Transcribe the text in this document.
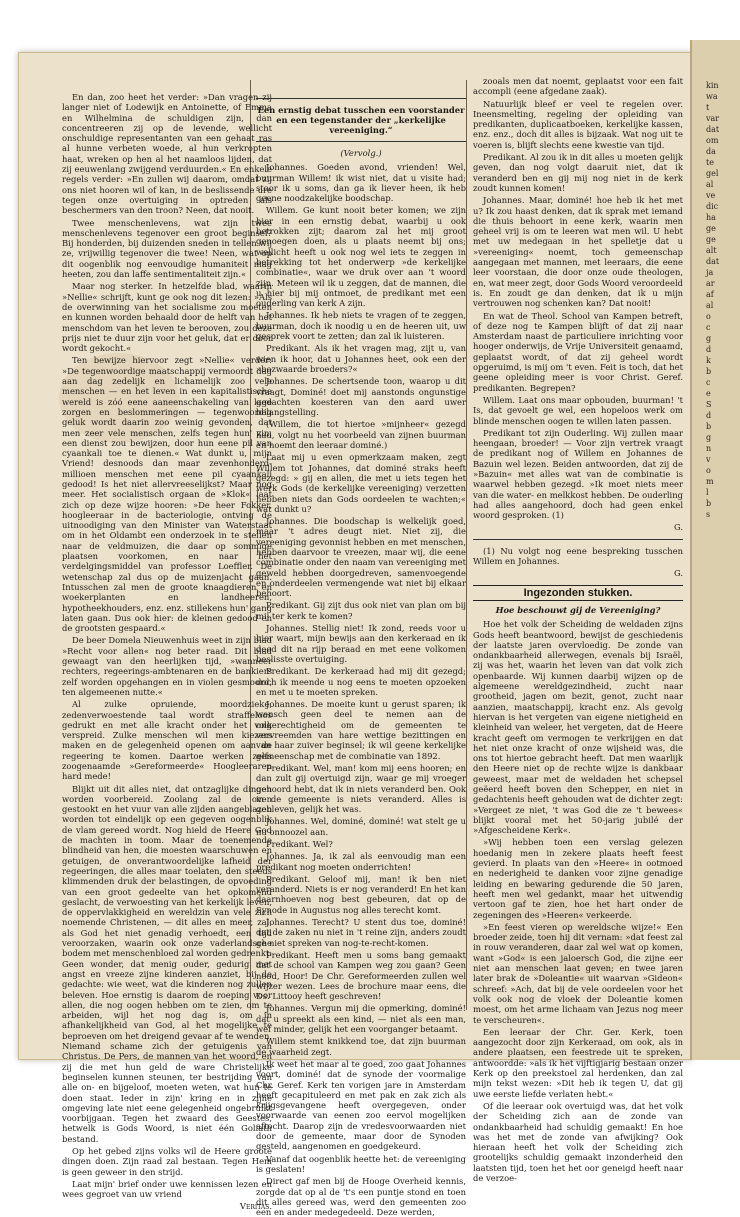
kin
wa
t
var
dat
om
da
te
gel
al
ve
dic
ha
ge
ge
alt
dat
ja
ar
af
al
o
c
g
d
k
b
c
e
S
d
b
g
n
v
o
m
l
b
s

En dan, zoo heet het verder: »Dan vragen zij langer niet of Lodewijk en Antoinette, of Emma en Wilhelmina de schuldigen zijn, dan concentreeren zij op de levende, wellicht onschuldige representanten van een gehaat ras al hunne verbeten woede, al hun verkropten haat, wreken op hen al het naamloos lijden, dat zij eeuwenlang zwijgend verduurden.« En enkele regels verder: »En zullen wij daarom, omdat zij ons niet hooren wil of kan, in de beslissende ure tegen onze overtuiging in optreden als beschermers van den troon? Neen, dat nooit.

Twee menschenlevens, wat zijn twee menschenlevens tegenover een groot beginsel? Bij honderden, bij duizenden sneden in tellen wij ze, vrijwillig tegenover die twee! Neen, wat op dit oogenblik nog eenvoudige humaniteit mag heeten, zou dan laffe sentimentaliteit zijn.«

Maar nog sterker. In hetzelfde blad, waarin »Nellie« schrijft, kunt ge ook nog dit lezen: »Als de overwinning van het socialisme zou moeten en kunnen worden behaald door de helft van het menschdom van het leven te berooven, zou deze prijs niet te duur zijn voor het geluk, dat er door wordt gekocht.«

Ten bewijze hiervoor zegt »Nellie« verder: »De tegenwoordige maatschappij vermoordt dag aan dag zedelijk en lichamelijk zoo vele menschen — en het leven in een kapitalistische wereld is zóó eene aaneenschakeling van lage zorgen en beslommeringen — tegenwoordig geluk wordt daarin zoo weinig gevonden, dat men zeer vele menschen, zelfs tegen hun' zin, een dienst zou bewijzen, door hun eene pil van cyaankali toe te dienen.« Wat dunkt u, mijn Vriend! desnoods dan maar zevenhonderd-millioen menschen met eene pil cyaankali gedood! Is het niet allervreeselijkst? Maar nog meer. Het socialistisch orgaan de »Klok« laat zich op deze wijze hooren: »De heer Fokker, hoogleeraar in de bacteriologie, ontving de uitnoodiging van den Minister van Waterstaat om in het Oldambt een onderzoek in te stellen naar de veldmuizen, die daar op sommige plaatsen voorkomen, en naar het verdelgingsmiddel van professor Loeffler. De wetenschap zal dus op de muizenjacht gaan. Intusschen zal men de groote knaagdieren en woekerplanten en landheeren, hypotheekhouders, enz. enz. stillekens hun' gang laten gaan. Dus ook hier: de kleinen gedood en de grootsten gespaard.«

De beer Domela Nieuwenhuis weet in zijn blad »Recht voor allen« nog beter raad. Dit blad gewaagt van den heerlijken tijd, »wanneer rechters, regeerings-ambtenaren en de bankiers zelf worden opgehangen en in violen gesmoord, ten algemeenen nutte.«

Al zulke opruiende, moordzieke, zedenverwoestende taal wordt straffeloos gedrukt en met alle kracht onder het volk verspreid. Zulke menschen wil men kiezers maken en de gelegenheid openen om aan de regeering te komen. Daartoe werken zelfs zoogenaamde »Gereformeerde« Hoogleeraren hard mede!

Blijkt uit dit alles niet, dat ontzaglijke dingen worden voorbereid. Zoolang zal de oven gestookt en het vuur van alle zijden aangeblazen worden tot eindelijk op een gegeven oogenblik de vlam gereed wordt. Nog hield de Heere God de machten in toom. Maar de toenemende blindheid van hen, die moesten waarschuwen en getuigen, de onverantwoordelijke lafheid der regeeringen, die alles maar toelaten, den steeds klimmenden druk der belastingen, de opvoeding van een groot gedeelte van het opkomend geslacht, de verwoesting van het kerkelijk leven, de oppervlakkigheid en wereldzin van vele zich noemende Christenen, — dit alles en meer, zal, als God het niet genadig verhoedt, een tijd veroorzaken, waarin ook onze vaderlandsche bodem met menschenbloed zal worden gedrenkt. Geen wonder, dat menig ouder, gedurig met angst en vreeze zijne kinderen aanziet, bij de gedachte: wie weet, wat die kinderen nog zullen beleven. Hoe ernstig is daarom de roeping voor allen, die nog oogen hebben om te zien, om te arbeiden, wijl het nog dag is, om in afhankelijkheid van God, al het mogelijke te beproeven om het dreigend gevaar af te wenden. Niemand schame zich der getuigenis van Christus. De Pers, de mannen van het woord, en zij die met hun geld de ware Christelijke beginselen kunnen steunen, ter bestrijding van alle on- en bijgeloof, moeten weten, wat hun te doen staat. Ieder in zijn' kring en in zijne omgeving late niet eene gelegenheid ongebruikt voorbijgaan. Tegen het zwaard des Geestes, hetwelk is Gods Woord, is niet één Goliath bestand.

Op het gebed zijns volks wil de Heere groote dingen doen. Zijn raad zal bestaan. Tegen Hem is geen geweer in den strijd.

Laat mijn' brief onder uwe kennissen lezen en wees gegroet van uw vriend

Veritas.

Een ernstig debat tusschen een voorstander en een tegenstander der „kerkelijke vereeniging.“

(Vervolg.)

Johannes. Goeden avond, vrienden! Wel, buurman Willem! ik wist niet, dat u visite had; stoor ik u soms, dan ga ik liever heen, ik heb geene noodzakelijke boodschap.

Willem. Ge kunt nooit beter komen; we zijn hier in een ernstig debat, waarbij u ook betrokken zijt; daarom zal het mij groot genoegen doen, als u plaats neemt bij ons; wellicht heeft u ook nog wel iets te zeggen in betrekking tot het onderwerp »de kerkelijke combinatie«, waar we druk over aan 't woord zijn. Meteen wil ik u zeggen, dat de mannen, die u hier bij mij ontmoet, de predikant met een ouderling van kerk A zijn.

Johannes. Ik heb niets te vragen of te zeggen, buurman, doch ik noodig u en de heeren uit, uw gesprek voort te zetten; dan zal ik luisteren.

Predikant. Als ik het vragen mag, zijt u, van wien ik hoor, dat u Johannes heet, ook een der »bezwaarde broeders?«

Johannes. De schertsende toon, waarop u dit vraagt, Dominé! doet mij aanstonds ongunstige gedachten koesteren van den aard uwer belangstelling.

(Willem, die tot hiertoe »mijnheer« gezegd had, volgt nu het voorbeeld van zijnen buurman en noemt den leeraar dominé.)

Laat mij u even opmerkzaam maken, zegt Willem tot Johannes, dat dominé straks heeft gezegd: » gij en allen, die met u iets tegen het werk Gods (de kerkelijke vereeniging) verzetten hebben niets dan Gods oordeelen te wachten;« wat dunkt u?

Johannes. Die boodschap is welkelijk goed, maar 't adres deugt niet. Niet zij, die vereeniging gevonnist hebben en met menschen, hebben daarvoor te vreezen, maar wij, die eene combinatie onder den naam van vereeniging met geweld hebben doorgedreven, samenvoegende en onderdeelen vermengende wat niet bij elkaar behoort.

Predikant. Gij zijt dus ook niet van plan om bij mij ter kerk te komen?

Johannes. Stellig niet! Ik zond, reeds voor u hier waart, mijn bewijs aan den kerkeraad en ik deed dit na rijp beraad en met eene volkomen beslisste overtuiging.

Predikant. De kerkeraad had mij dit gezegd; doch ik meende u nog eens te moeten opzoeken en met u te moeten spreken.

Johannes. De moeite kunt u gerust sparen; ik wensch geen deel te nemen aan de ongerechtigheid om de gemeenten te vervreemden van hare wettige bezittingen en van haar zuiver beginsel; ik wil geene kerkelijke gemeenschap met de combinatie van 1892.

Predikant. Wel, man! kom mij eens hooren; en dan zult gij overtuigd zijn, waar ge mij vroeger gehoord hebt, dat ik in niets veranderd ben. Ook in de gemeente is niets veranderd. Alles is gebleven, gelijk het was.

Johannes. Wel, dominé, dominé! wat stelt ge u nu onnoozel aan.

Predikant. Wel?

Johannes. Ja, ik zal als eenvoudig man een predikant nog moeten onderrichten!

Predikant. Geloof mij, man! ik ben niet veranderd. Niets is er nog veranderd! En het kan daarnhoeven nog best gebeuren, dat op de Synode in Augustus nog alles terecht komt.

Johannes. Terecht? U stent dus toe, dominé! dat de zaken nu niet in 't reine zijn, anders zoudt ge niet spreken van nog-te-recht-komen.

Predikant. Heeft men u soms bang gemaakt dat de school van Kampen weg zou gaan? Geen nood, Hoor! De Chr. Gereformeerden zullen wel wijzer wezen. Lees de brochure maar eens, die Ds. Littooy heeft geschreven!

Johannes. Vergun mij die opmerking, dominé! dat u spreekt als een kind, — niet als een man, wel minder, gelijk het een voorganger betaamt.

Willem stemt knikkend toe, dat zijn buurman de waarheid zegt.

Ik weet het maar al te goed, zoo gaat Johannes voort, dominé! dat de synode der voormalige Chr. Geref. Kerk ten vorigen jare in Amsterdam heeft gecapituleerd en met pak en zak zich als krijgsgevangene heeft overgegeven, onder voorwaarde van eenen zoo eervol mogelijken aftocht. Daarop zijn de vredesvoorwaarden niet door de gemeente, maar door de Synoden gesteld, aangenomen en goedgekeurd.

Vanaf dat oogenblik heette het: de vereeniging is geslaten!

Direct gaf men bij de Hooge Overheid kennis, zorgde dat op al de 't's een puntje stond en toen dit alles gereed was, werd den gemeenten zoo een en ander medegedeeld. Deze werden,

zooals men dat noemt, geplaatst voor een fait accompli (eene afgedane zaak).

Natuurlijk bleef er veel te regelen over. Ineensmelting, regeling der opleiding van predikanten, duplicaatboeken, kerkelijke kassen, enz. enz., doch dit alles is bijzaak. Wat nog uit te voeren is, blijft slechts eene kwestie van tijd.

Predikant. Al zou ik in dit alles u moeten gelijk geven, dan nog volgt daaruit niet, dat ik veranderd ben en gij mij nog niet in de kerk zoudt kunnen komen!

Johannes. Maar, dominé! hoe heb ik het met u? Ik zou haast denken, dat ik sprak met iemand die thuis behoort in eene kerk, waarin men geheel vrij is om te leeren wat men wil. U hebt met uw medegaan in het spelletje dat u »vereeniging« noemt, toch gemeenschap aangegaan met mannen, met leeraars, die eene leer voorstaan, die door onze oude theologen, en, wat meer zegt, door Gods Woord veroordeeld is. En zoudt ge dan denken, dat ik u mijn vertrouwen nog schenken kan? Dat nooit!

En wat de Theol. School van Kampen betreft, of deze nog te Kampen blijft of dat zij naar Amsterdam naast de particuliere inrichting voor hooger onderwijs, de Vrije Universiteit genaamd, geplaatst wordt, of dat zij geheel wordt opgeruimd, is mij om 't even. Feit is toch, dat het geene opleiding meer is voor Christ. Geref. predikanten. Begrepen?

Willem. Laat ons maar opbouden, buurman! 't Is, dat gevoelt ge wel, een hopeloos werk om blinde menschen oogen te willen laten passen.

Predikant tot zijn Ouderling. Wij zullen maar heengaan, broeder! — Voor zijn vertrek vraagt de predikant nog of Willem en Johannes de Bazuin wel lezen. Beiden antwoorden, dat zij de »Bazuin« met alles wat van de combinatie is waarwel hebben gezegd. »Ik moet niets meer van die water- en melkkost hebben. De ouderling had alles aangehoord, doch had geen enkel woord gesproken. (1)

G.

(1) Nu volgt nog eene bespreking tusschen Willem en Johannes.

G.
Ingezonden stukken.
Hoe beschouwt gij de Vereeniging?

Hoe het volk der Scheiding de weldaden zijns Gods heeft beantwoord, bewijst de geschiedenis der laatste jaren overvloedig. De zonde van ondankbaarheid allerwegen, evenals bij Israël, zij was het, waarin het leven van dat volk zich openbaarde. Wij kunnen daarbij wijzen op de algemeene wereldgezindheid, zucht naar grootheid, jagen om bezit, genot, zucht naar aanzien, maatschappij, kracht enz. Als gevolg hiervan is het vergeten van eigene nietigheid en kleinheid van weleer, het vergeten, dat de Heere kracht geeft om vermogen te verkrijgen en dat het niet onze kracht of onze wijsheid was, die ons tot hiertoe gebracht heeft. Dat men waarlijk den Heere niet op de rechte wijze is dankbaar geweest, maar met de weldaden het schepsel geëerd heeft boven den Schepper, en niet in gedachtenis heeft gehouden wat de dichter zegt: »Vergeet ze niet, 't was God die ze 't bewees« blijkt vooral met het 50-jarig jubilé der »Afgescheidene Kerk«.

»Wij hebben toen een verslag gelezen hoedanig men in zekere plaats heeft feest gevierd. In plaats van den »Heere« in ootmoed en nederigheid te danken voor zijne genadige leiding en bewaring gedurende die 50 jaren, heeft men wel gedankt, maar het uitwendig vertoon gaf te zien, hoe het hart onder de zegeningen des »Heeren« verkeerde.

»En feest vieren op wereldsche wijze!« Een broeder zeide, toen hij dit vernam: »dat feest zal in rouw veranderen, daar zal wel wat op komen, want »God« is een jaloersch God, die zijne eer niet aan menschen laat geven; en twee jaren later brak de »Doleantie« uit waarvan »Gideon« schreef: »Ach, dat bij de vele oordeelen voor het volk ook nog de vloek der Doleantie komen moest, om het arme lichaam van Jezus nog meer te verscheuren«.

Een leeraar der Chr. Ger. Kerk, toen aangezocht door zijn Kerkeraad, om ook, als in andere plaatsen, een feestrede uit te spreken, antwoordde: »als ik het vijftigjarig bestaan onzer Kerk op den preekstoel zal herdenken, dan zal mijn tekst wezen: »Dit heb ik tegen U, dat gij uwe eerste liefde verlaten hebt.«

Of die leeraar ook overtuigd was, dat het volk der Scheiding zich aan de zonde van ondankbaarheid had schuldig gemaakt! En hoe was het met de zonde van afwijking? Ook hieraan heeft het volk der Scheiding zich grootelijks schuldig gemaakt inzonderheid den laatsten tijd, toen het het oor geneigd heeft naar de verzoe-
